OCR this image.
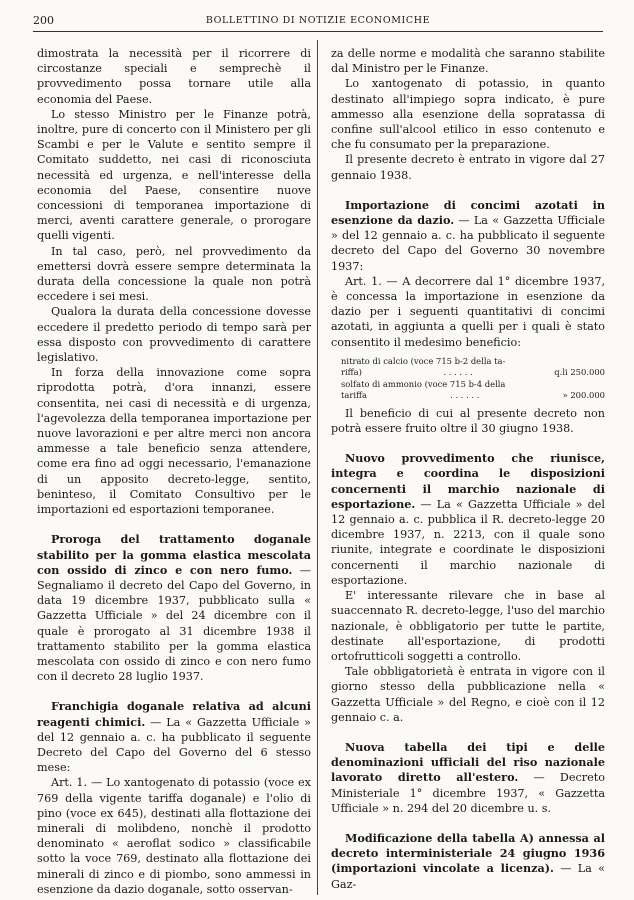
200	BOLLETTINO DI NOTIZIE ECONOMICHE

dimostrata la necessità per il ricorrere di circostanze speciali e semprechè il provvedimento possa tornare utile alla economia del Paese.

Lo stesso Ministro per le Finanze potrà, inoltre, pure di concerto con il Ministero per gli Scambi e per le Valute e sentito sempre il Comitato suddetto, nei casi di riconosciuta necessità ed urgenza, e nell'interesse della economia del Paese, consentire nuove concessioni di temporanea importazione di merci, aventi carattere generale, o prorogare quelli vigenti.

In tal caso, però, nel provvedimento da emettersi dovrà essere sempre determinata la durata della concessione la quale non potrà eccedere i sei mesi.

Qualora la durata della concessione dovesse eccedere il predetto periodo di tempo sarà per essa disposto con provvedimento di carattere legislativo.

In forza della innovazione come sopra riprodotta potrà, d'ora innanzi, essere consentita, nei casi di necessità e di urgenza, l'agevolezza della temporanea importazione per nuove lavorazioni e per altre merci non ancora ammesse a tale beneficio senza attendere, come era fino ad oggi necessario, l'emanazione di un apposito decreto-legge, sentito, beninteso, il Comitato Consultivo per le importazioni ed esportazioni temporanee.

Proroga del trattamento doganale stabilito per la gomma elastica mescolata con ossido di zinco e con nero fumo. — Segnaliamo il decreto del Capo del Governo, in data 19 dicembre 1937, pubblicato sulla « Gazzetta Ufficiale » del 24 dicembre con il quale è prorogato al 31 dicembre 1938 il trattamento stabilito per la gomma elastica mescolata con ossido di zinco e con nero fumo con il decreto 28 luglio 1937.

Franchigia doganale relativa ad alcuni reagenti chimici. — La « Gazzetta Ufficiale » del 12 gennaio a. c. ha pubblicato il seguente Decreto del Capo del Governo del 6 stesso mese:

Art. 1. — Lo xantogenato di potassio (voce ex 769 della vigente tariffa doganale) e l'olio di pino (voce ex 645), destinati alla flottazione dei minerali di molibdeno, nonchè il prodotto denominato « aeroflat sodico » classificabile sotto la voce 769, destinato alla flottazione dei minerali di zinco e di piombo, sono ammessi in esenzione da dazio doganale, sotto osservan-

za delle norme e modalità che saranno stabilite dal Ministro per le Finanze.

Lo xantogenato di potassio, in quanto destinato all'impiego sopra indicato, è pure ammesso alla esenzione della sopratassa di confine sull'alcool etilico in esso contenuto e che fu consumato per la preparazione.

Il presente decreto è entrato in vigore dal 27 gennaio 1938.

Importazione di concimi azotati in esenzione da dazio. — La « Gazzetta Ufficiale » del 12 gennaio a. c. ha pubblicato il seguente decreto del Capo del Governo 30 novembre 1937:

Art. 1. — A decorrere dal 1° dicembre 1937, è concessa la importazione in esenzione da dazio per i seguenti quantitativi di concimi azotati, in aggiunta a quelli per i quali è stato consentito il medesimo beneficio:

nitrato di calcio (voce 715 b-2 della ta-
riffa)	. . . . . .	q.li 250.000
solfato di ammonio (voce 715 b-4 della
tariffa	. . . . . .	» 200.000

Il beneficio di cui al presente decreto non potrà essere fruito oltre il 30 giugno 1938.

Nuovo provvedimento che riunisce, integra e coordina le disposizioni concernenti il marchio nazionale di esportazione. — La « Gazzetta Ufficiale » del 12 gennaio a. c. pubblica il R. decreto-legge 20 dicembre 1937, n. 2213, con il quale sono riunite, integrate e coordinate le disposizioni concernenti il marchio nazionale di esportazione.

E' interessante rilevare che in base al suaccennato R. decreto-legge, l'uso del marchio nazionale, è obbligatorio per tutte le partite, destinate all'esportazione, di prodotti ortofrutticoli soggetti a controllo.

Tale obbligatorietà è entrata in vigore con il giorno stesso della pubblicazione nella « Gazzetta Ufficiale » del Regno, e cioè con il 12 gennaio c. a.

Nuova tabella dei tipi e delle denominazioni ufficiali del riso nazionale lavorato diretto all'estero. — Decreto Ministeriale 1° dicembre 1937, « Gazzetta Ufficiale » n. 294 del 20 dicembre u. s.

Modificazione della tabella A) annessa al decreto interministeriale 24 giugno 1936 (importazioni vincolate a licenza). — La « Gaz-
